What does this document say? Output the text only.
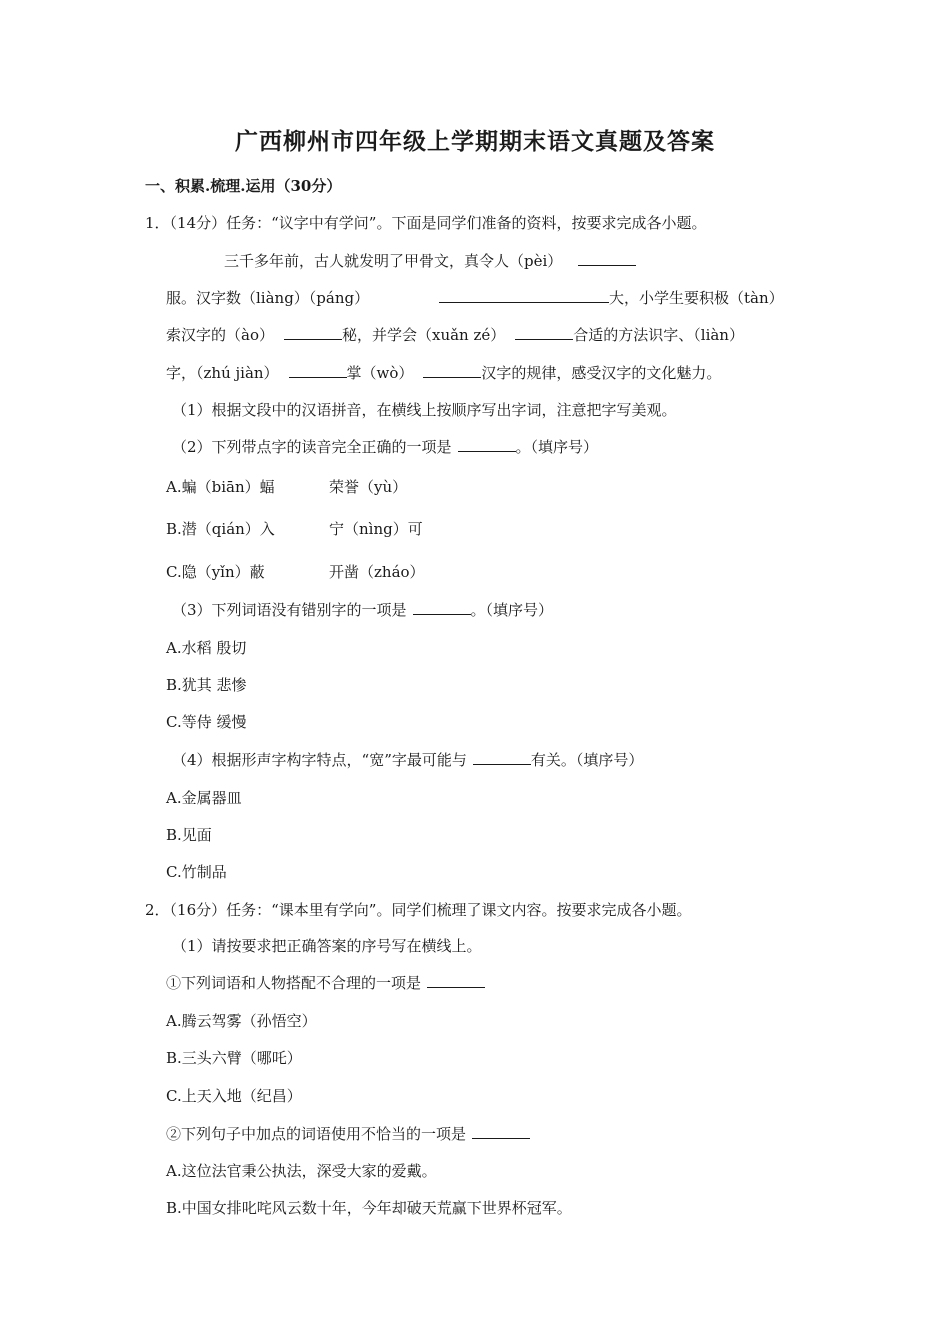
广西柳州市四年级上学期期末语文真题及答案
一、积累.梳理.运用（30分）
1．（14分）任务：“议字中有学问”。下面是同学们准备的资料，按要求完成各小题。
三千多年前，古人就发明了甲骨文，真令人（pèi）
服。汉字数（liàng）（páng）	大，小学生要积极（tàn）
索汉字的（ào）	秘，并学会（xuǎn zé）	合适的方法识字、（liàn）
字，（zhú jiàn）	掌（wò）	汉字的规律，感受汉字的文化魅力。
（1）根据文段中的汉语拼音，在横线上按顺序写出字词，注意把字写美观。
（2）下列带点字的读音完全正确的一项是	。（填序号）
A.蝙（biān）蝠	荣誉（yù）
B.潜（qián）入	宁（nìng）可
C.隐（yǐn）蔽	开凿（zháo）
（3）下列词语没有错别字的一项是	。（填序号）
A.水稻 殷切
B.犹其 悲惨
C.等侍 缓慢
（4）根据形声字构字特点，“宽”字最可能与	有关。（填序号）
A.金属器皿
B.见面
C.竹制品
2．（16分）任务：“课本里有学向”。同学们梳理了课文内容。按要求完成各小题。
（1）请按要求把正确答案的序号写在横线上。
①下列词语和人物搭配不合理的一项是
A.腾云驾雾（孙悟空）
B.三头六臂（哪吒）
C.上天入地（纪昌）
②下列句子中加点的词语使用不恰当的一项是
A.这位法官秉公执法，深受大家的爱戴。
B.中国女排叱咤风云数十年，今年却破天荒赢下世界杯冠军。
